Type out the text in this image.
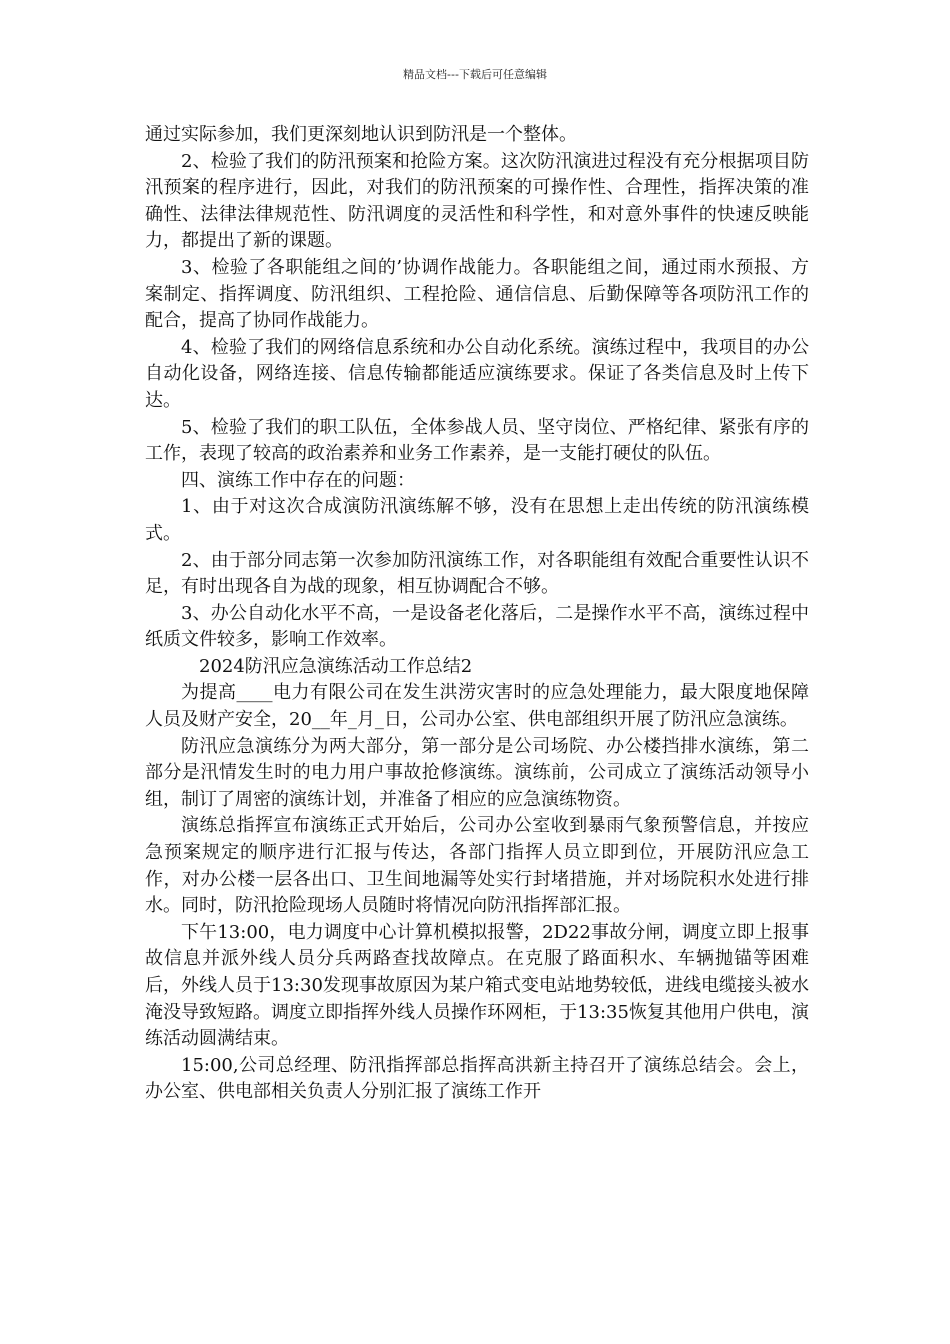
精品文档---下载后可任意编辑

通过实际参加，我们更深刻地认识到防汛是一个整体。

2、检验了我们的防汛预案和抢险方案。这次防汛演进过程没有充分根据项目防汛预案的程序进行，因此，对我们的防汛预案的可操作性、合理性，指挥决策的准确性、法律法律规范性、防汛调度的灵活性和科学性，和对意外事件的快速反映能力，都提出了新的课题。

3、检验了各职能组之间的’协调作战能力。各职能组之间，通过雨水预报、方案制定、指挥调度、防汛组织、工程抢险、通信信息、后勤保障等各项防汛工作的配合，提高了协同作战能力。

4、检验了我们的网络信息系统和办公自动化系统。演练过程中，我项目的办公自动化设备，网络连接、信息传输都能适应演练要求。保证了各类信息及时上传下达。

5、检验了我们的职工队伍，全体参战人员、坚守岗位、严格纪律、紧张有序的工作，表现了较高的政治素养和业务工作素养，是一支能打硬仗的队伍。

四、演练工作中存在的问题：

1、由于对这次合成演防汛演练解不够，没有在思想上走出传统的防汛演练模式。

2、由于部分同志第一次参加防汛演练工作，对各职能组有效配合重要性认识不足，有时出现各自为战的现象，相互协调配合不够。

3、办公自动化水平不高，一是设备老化落后，二是操作水平不高，演练过程中纸质文件较多，影响工作效率。

2024防汛应急演练活动工作总结2

为提高____电力有限公司在发生洪涝灾害时的应急处理能力，最大限度地保障人员及财产安全，20__年_月_日，公司办公室、供电部组织开展了防汛应急演练。

防汛应急演练分为两大部分，第一部分是公司场院、办公楼挡排水演练，第二部分是汛情发生时的电力用户事故抢修演练。演练前，公司成立了演练活动领导小组，制订了周密的演练计划，并准备了相应的应急演练物资。

演练总指挥宣布演练正式开始后，公司办公室收到暴雨气象预警信息，并按应急预案规定的顺序进行汇报与传达，各部门指挥人员立即到位，开展防汛应急工作，对办公楼一层各出口、卫生间地漏等处实行封堵措施，并对场院积水处进行排水。同时，防汛抢险现场人员随时将情况向防汛指挥部汇报。

下午13:00，电力调度中心计算机模拟报警，2D22事故分闸，调度立即上报事故信息并派外线人员分兵两路查找故障点。在克服了路面积水、车辆抛锚等困难后，外线人员于13:30发现事故原因为某户箱式变电站地势较低，进线电缆接头被水淹没导致短路。调度立即指挥外线人员操作环网柜，于13:35恢复其他用户供电，演练活动圆满结束。

15:00,公司总经理、防汛指挥部总指挥高洪新主持召开了演练总结会。会上，办公室、供电部相关负责人分别汇报了演练工作开
